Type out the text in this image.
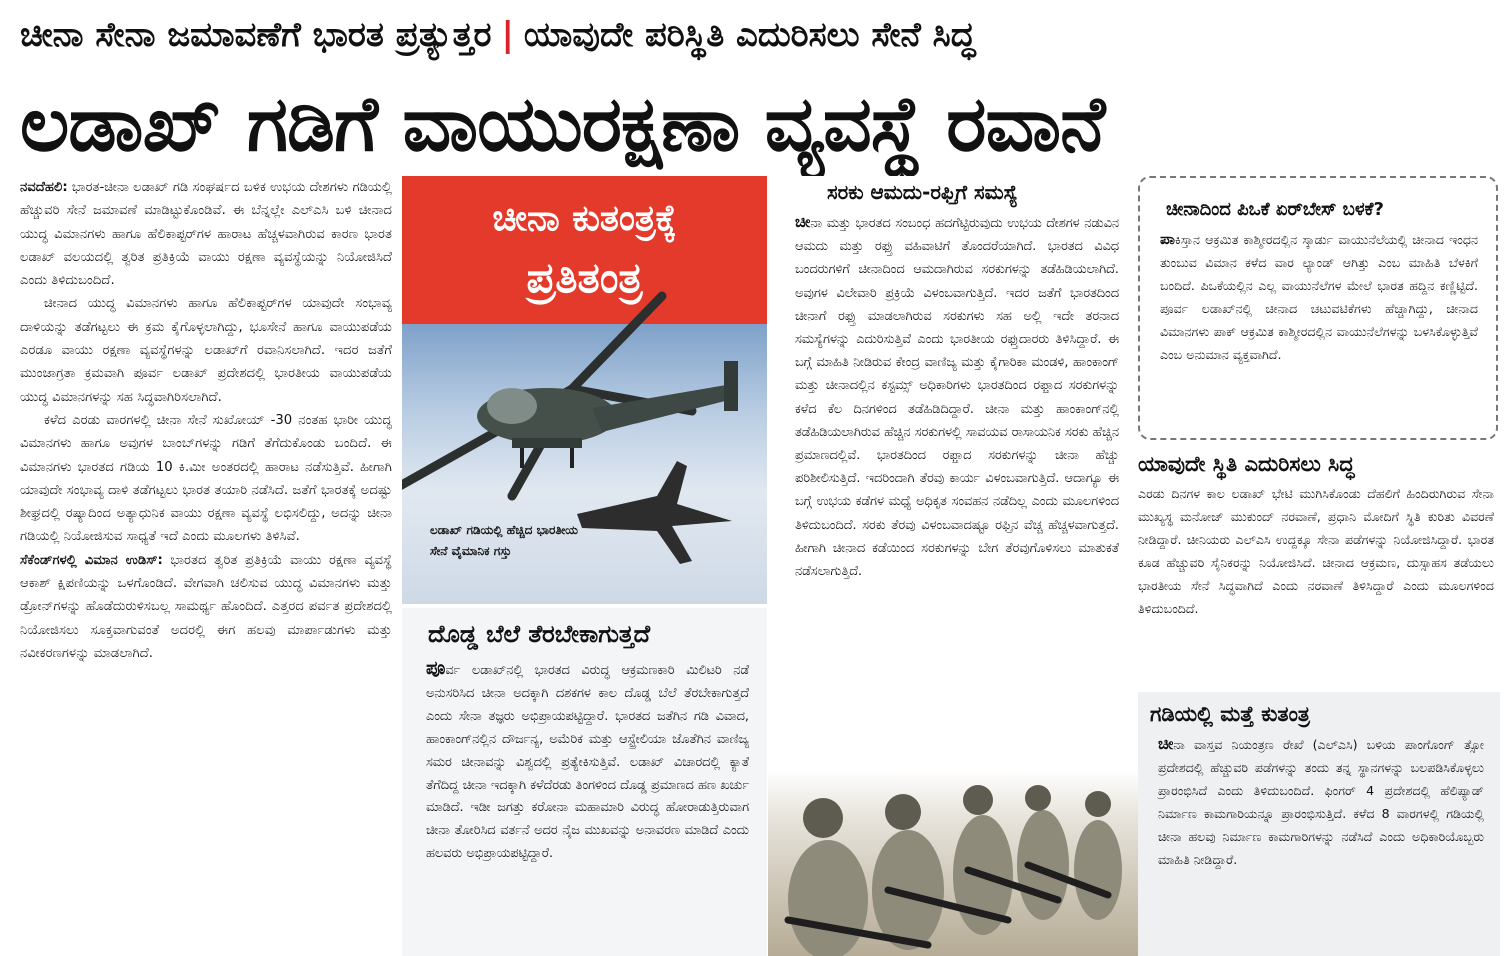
ಚೀನಾ ಸೇನಾ ಜಮಾವಣೆಗೆ ಭಾರತ ಪ್ರತ್ಯುತ್ತರ | ಯಾವುದೇ ಪರಿಸ್ಥಿತಿ ಎದುರಿಸಲು ಸೇನೆ ಸಿದ್ಧ
ಲಡಾಖ್ ಗಡಿಗೆ ವಾಯುರಕ್ಷಣಾ ವ್ಯವಸ್ಥೆ ರವಾನೆ

ನವದೆಹಲಿ: ಭಾರತ-ಚೀನಾ ಲಡಾಖ್ ಗಡಿ ಸಂಘರ್ಷದ ಬಳಿಕ ಉಭಯ ದೇಶಗಳು ಗಡಿಯಲ್ಲಿ ಹೆಚ್ಚುವರಿ ಸೇನೆ ಜಮಾವಣೆ ಮಾಡಿಟ್ಟುಕೊಂಡಿವೆ. ಈ ಬೆನ್ನಲ್ಲೇ ಎಲ್‌ಎಸಿ ಬಳಿ ಚೀನಾದ ಯುದ್ಧ ವಿಮಾನಗಳು ಹಾಗೂ ಹೆಲಿಕಾಪ್ಟರ್‌ಗಳ ಹಾರಾಟ ಹೆಚ್ಚಳವಾಗಿರುವ ಕಾರಣ ಭಾರತ ಲಡಾಖ್ ವಲಯದಲ್ಲಿ ತ್ವರಿತ ಪ್ರತಿಕ್ರಿಯೆ ವಾಯು ರಕ್ಷಣಾ ವ್ಯವಸ್ಥೆಯನ್ನು ನಿಯೋಜಿಸಿದೆ ಎಂದು ತಿಳಿದುಬಂದಿದೆ.

ಚೀನಾದ ಯುದ್ಧ ವಿಮಾನಗಳು ಹಾಗೂ ಹೆಲಿಕಾಪ್ಟರ್‌ಗಳ ಯಾವುದೇ ಸಂಭಾವ್ಯ ದಾಳಿಯನ್ನು ತಡೆಗಟ್ಟಲು ಈ ಕ್ರಮ ಕೈಗೊಳ್ಳಲಾಗಿದ್ದು, ಭೂಸೇನೆ ಹಾಗೂ ವಾಯುಪಡೆಯ ಎರಡೂ ವಾಯು ರಕ್ಷಣಾ ವ್ಯವಸ್ಥೆಗಳನ್ನು ಲಡಾಖ್‌ಗೆ ರವಾನಿಸಲಾಗಿದೆ. ಇದರ ಜತೆಗೆ ಮುಂಜಾಗ್ರತಾ ಕ್ರಮವಾಗಿ ಪೂರ್ವ ಲಡಾಖ್ ಪ್ರದೇಶದಲ್ಲಿ ಭಾರತೀಯ ವಾಯುಪಡೆಯ ಯುದ್ಧ ವಿಮಾನಗಳನ್ನು ಸಹ ಸಿದ್ಧವಾಗಿರಿಸಲಾಗಿದೆ.

ಕಳೆದ ಎರಡು ವಾರಗಳಲ್ಲಿ ಚೀನಾ ಸೇನೆ ಸುಖೋಯ್ -30 ನಂತಹ ಭಾರೀ ಯುದ್ಧ ವಿಮಾನಗಳು ಹಾಗೂ ಅವುಗಳ ಬಾಂಬ್‌ಗಳನ್ನು ಗಡಿಗೆ ತೆಗೆದುಕೊಂಡು ಬಂದಿದೆ. ಈ ವಿಮಾನಗಳು ಭಾರತದ ಗಡಿಯ 10 ಕಿ.ಮೀ ಅಂತರದಲ್ಲಿ ಹಾರಾಟ ನಡೆಸುತ್ತಿವೆ. ಹೀಗಾಗಿ ಯಾವುದೇ ಸಂಭಾವ್ಯ ದಾಳಿ ತಡೆಗಟ್ಟಲು ಭಾರತ ತಯಾರಿ ನಡೆಸಿದೆ. ಜತೆಗೆ ಭಾರತಕ್ಕೆ ಅದಷ್ಟು ಶೀಘ್ರದಲ್ಲಿ ರಷ್ಯಾದಿಂದ ಅತ್ಯಾಧುನಿಕ ವಾಯು ರಕ್ಷಣಾ ವ್ಯವಸ್ಥೆ ಲಭಿಸಲಿದ್ದು, ಅದನ್ನು ಚೀನಾ ಗಡಿಯಲ್ಲಿ ನಿಯೋಜಿಸುವ ಸಾಧ್ಯತೆ ಇದೆ ಎಂದು ಮೂಲಗಳು ತಿಳಿಸಿವೆ.

ಸೆಕೆಂಡ್‌ಗಳಲ್ಲಿ ವಿಮಾನ ಉಡಿಸ್: ಭಾರತದ ತ್ವರಿತ ಪ್ರತಿಕ್ರಿಯೆ ವಾಯು ರಕ್ಷಣಾ ವ್ಯವಸ್ಥೆ ಆಕಾಶ್ ಕ್ಷಿಪಣಿಯನ್ನು ಒಳಗೊಂಡಿದೆ. ವೇಗವಾಗಿ ಚಲಿಸುವ ಯುದ್ಧ ವಿಮಾನಗಳು ಮತ್ತು ಡ್ರೋನ್‌ಗಳನ್ನು ಹೊಡೆದುರುಳಿಸಬಲ್ಲ ಸಾಮರ್ಥ್ಯ ಹೊಂದಿದೆ. ಎತ್ತರದ ಪರ್ವತ ಪ್ರದೇಶದಲ್ಲಿ ನಿಯೋಜಿಸಲು ಸೂಕ್ತವಾಗುವಂತೆ ಅದರಲ್ಲಿ ಈಗ ಹಲವು ಮಾರ್ಪಾಡುಗಳು ಮತ್ತು ನವೀಕರಣಗಳನ್ನು ಮಾಡಲಾಗಿದೆ.

ಚೀನಾ ಕುತಂತ್ರಕ್ಕೆ
ಪ್ರತಿತಂತ್ರ
ಲಡಾಖ್ ಗಡಿಯಲ್ಲಿ ಹೆಚ್ಚಿದ ಭಾರತೀಯ ಸೇನೆ ವೈಮಾನಿಕ ಗಸ್ತು
ದೊಡ್ಡ ಬೆಲೆ ತೆರಬೇಕಾಗುತ್ತದೆ
ಪೂರ್ವ ಲಡಾಖ್‌ನಲ್ಲಿ ಭಾರತದ ವಿರುದ್ಧ ಆಕ್ರಮಣಕಾರಿ ಮಿಲಿಟರಿ ನಡೆ ಅನುಸರಿಸಿದ ಚೀನಾ ಅದಕ್ಕಾಗಿ ದಶಕಗಳ ಕಾಲ ದೊಡ್ಡ ಬೆಲೆ ತೆರಬೇಕಾಗುತ್ತದೆ ಎಂದು ಸೇನಾ ತಜ್ಞರು ಅಭಿಪ್ರಾಯಪಟ್ಟಿದ್ದಾರೆ. ಭಾರತದ ಜತೆಗಿನ ಗಡಿ ವಿವಾದ, ಹಾಂಕಾಂಗ್‌ನಲ್ಲಿನ ದೌರ್ಜನ್ಯ, ಅಮೆರಿಕ ಮತ್ತು ಆಸ್ಟ್ರೇಲಿಯಾ ಜೊತೆಗಿನ ವಾಣಿಜ್ಯ ಸಮರ ಚೀನಾವನ್ನು ವಿಶ್ವದಲ್ಲಿ ಪ್ರತ್ಯೇಕಿಸುತ್ತಿವೆ. ಲಡಾಖ್ ವಿಚಾರದಲ್ಲಿ ಕ್ಯಾತೆ ತೆಗೆದಿದ್ದ ಚೀನಾ ಇದಕ್ಕಾಗಿ ಕಳೆದೆರಡು ತಿಂಗಳಿಂದ ದೊಡ್ಡ ಪ್ರಮಾಣದ ಹಣ ಖರ್ಚು ಮಾಡಿದೆ. ಇಡೀ ಜಗತ್ತು ಕರೋನಾ ಮಹಾಮಾರಿ ವಿರುದ್ಧ ಹೋರಾಡುತ್ತಿರುವಾಗ ಚೀನಾ ತೋರಿಸಿದ ವರ್ತನೆ ಅದರ ನೈಜ ಮುಖವನ್ನು ಅನಾವರಣ ಮಾಡಿದೆ ಎಂದು ಹಲವರು ಅಭಿಪ್ರಾಯಪಟ್ಟಿದ್ದಾರೆ.
ಸರಕು ಆಮದು-ರಫ್ತಿಗೆ ಸಮಸ್ಯೆ
ಚೀನಾ ಮತ್ತು ಭಾರತದ ಸಂಬಂಧ ಹದಗೆಟ್ಟಿರುವುದು ಉಭಯ ದೇಶಗಳ ನಡುವಿನ ಆಮದು ಮತ್ತು ರಫ್ತು ವಹಿವಾಟಿಗೆ ತೊಂದರೆಯಾಗಿದೆ. ಭಾರತದ ವಿವಿಧ ಬಂದರುಗಳಿಗೆ ಚೀನಾದಿಂದ ಆಮದಾಗಿರುವ ಸರಕುಗಳನ್ನು ತಡೆಹಿಡಿಯಲಾಗಿದೆ. ಅವುಗಳ ವಿಲೇವಾರಿ ಪ್ರಕ್ರಿಯೆ ವಿಳಂಬವಾಗುತ್ತಿದೆ. ಇದರ ಜತೆಗೆ ಭಾರತದಿಂದ ಚೀನಾಗೆ ರಫ್ತು ಮಾಡಲಾಗಿರುವ ಸರಕುಗಳು ಸಹ ಅಲ್ಲಿ ಇದೇ ತರನಾದ ಸಮಸ್ಯೆಗಳನ್ನು ಎದುರಿಸುತ್ತಿವೆ ಎಂದು ಭಾರತೀಯ ರಫ್ತುದಾರರು ತಿಳಿಸಿದ್ದಾರೆ. ಈ ಬಗ್ಗೆ ಮಾಹಿತಿ ನೀಡಿರುವ ಕೇಂದ್ರ ವಾಣಿಜ್ಯ ಮತ್ತು ಕೈಗಾರಿಕಾ ಮಂಡಳಿ, ಹಾಂಕಾಂಗ್ ಮತ್ತು ಚೀನಾದಲ್ಲಿನ ಕಸ್ಟಮ್ಸ್ ಅಧಿಕಾರಿಗಳು ಭಾರತದಿಂದ ರಫ್ತಾದ ಸರಕುಗಳನ್ನು ಕಳೆದ ಕೆಲ ದಿನಗಳಿಂದ ತಡೆಹಿಡಿದಿದ್ದಾರೆ. ಚೀನಾ ಮತ್ತು ಹಾಂಕಾಂಗ್‌ನಲ್ಲಿ ತಡೆಹಿಡಿಯಲಾಗಿರುವ ಹೆಚ್ಚಿನ ಸರಕುಗಳಲ್ಲಿ ಸಾವಯವ ರಾಸಾಯನಿಕ ಸರಕು ಹೆಚ್ಚಿನ ಪ್ರಮಾಣದಲ್ಲಿವೆ. ಭಾರತದಿಂದ ರಫ್ತಾದ ಸರಕುಗಳನ್ನು ಚೀನಾ ಹೆಚ್ಚು ಪರಿಶೀಲಿಸುತ್ತಿದೆ. ಇದರಿಂದಾಗಿ ತೆರವು ಕಾರ್ಯ ವಿಳಂಬವಾಗುತ್ತಿದೆ. ಆದಾಗ್ಯೂ ಈ ಬಗ್ಗೆ ಉಭಯ ಕಡೆಗಳ ಮಧ್ಯೆ ಅಧಿಕೃತ ಸಂವಹನ ನಡೆದಿಲ್ಲ ಎಂದು ಮೂಲಗಳಿಂದ ತಿಳಿದುಬಂದಿದೆ. ಸರಕು ತೆರವು ವಿಳಂಬವಾದಷ್ಟೂ ರಫ್ತಿನ ವೆಚ್ಚ ಹೆಚ್ಚಳವಾಗುತ್ತದೆ. ಹೀಗಾಗಿ ಚೀನಾದ ಕಡೆಯಿಂದ ಸರಕುಗಳನ್ನು ಬೇಗ ತೆರವುಗೊಳಿಸಲು ಮಾತುಕತೆ ನಡೆಸಲಾಗುತ್ತಿದೆ.
ಚೀನಾದಿಂದ ಪಿಒಕೆ ಏರ್‌ಬೇಸ್ ಬಳಕೆ?
ಪಾಕಿಸ್ತಾನ ಆಕ್ರಮಿತ ಕಾಶ್ಮೀರದಲ್ಲಿನ ಸ್ಕಾರ್ಡು ವಾಯುನೆಲೆಯಲ್ಲಿ ಚೀನಾದ ಇಂಧನ ತುಂಬುವ ವಿಮಾನ ಕಳೆದ ವಾರ ಲ್ಯಾಂಡ್ ಆಗಿತ್ತು ಎಂಬ ಮಾಹಿತಿ ಬೆಳಕಿಗೆ ಬಂದಿದೆ. ಪಿಒಕೆಯಲ್ಲಿನ ಎಲ್ಲ ವಾಯುನೆಲೆಗಳ ಮೇಲೆ ಭಾರತ ಹದ್ದಿನ ಕಣ್ಣಿಟ್ಟಿದೆ. ಪೂರ್ವ ಲಡಾಖ್‌ನಲ್ಲಿ ಚೀನಾದ ಚಟುವಟಿಕೆಗಳು ಹೆಚ್ಚಾಗಿದ್ದು, ಚೀನಾದ ವಿಮಾನಗಳು ಪಾಕ್ ಆಕ್ರಮಿತ ಕಾಶ್ಮೀರದಲ್ಲಿನ ವಾಯುನೆಲೆಗಳನ್ನು ಬಳಸಿಕೊಳ್ಳುತ್ತಿವೆ ಎಂಬ ಅನುಮಾನ ವ್ಯಕ್ತವಾಗಿದೆ.
ಯಾವುದೇ ಸ್ಥಿತಿ ಎದುರಿಸಲು ಸಿದ್ಧ
ಎರಡು ದಿನಗಳ ಕಾಲ ಲಡಾಖ್ ಭೇಟಿ ಮುಗಿಸಿಕೊಂಡು ದೆಹಲಿಗೆ ಹಿಂದಿರುಗಿರುವ ಸೇನಾ ಮುಖ್ಯಸ್ಥ ಮನೋಜ್ ಮುಕುಂದ್ ನರವಾಣೆ, ಪ್ರಧಾನಿ ಮೋದಿಗೆ ಸ್ಥಿತಿ ಕುರಿತು ವಿವರಣೆ ನೀಡಿದ್ದಾರೆ. ಚೀನಿಯರು ಎಲ್‌ಎಸಿ ಉದ್ದಕ್ಕೂ ಸೇನಾ ಪಡೆಗಳನ್ನು ನಿಯೋಜಿಸಿದ್ದಾರೆ. ಭಾರತ ಕೂಡ ಹೆಚ್ಚುವರಿ ಸೈನಿಕರನ್ನು ನಿಯೋಜಿಸಿದೆ. ಚೀನಾದ ಆಕ್ರಮಣ, ದುಸ್ಸಾಹಸ ತಡೆಯಲು ಭಾರತೀಯ ಸೇನೆ ಸಿದ್ಧವಾಗಿದೆ ಎಂದು ನರವಾಣೆ ತಿಳಿಸಿದ್ದಾರೆ ಎಂದು ಮೂಲಗಳಿಂದ ತಿಳಿದುಬಂದಿದೆ.
ಗಡಿಯಲ್ಲಿ ಮತ್ತೆ ಕುತಂತ್ರ
ಚೀನಾ ವಾಸ್ತವ ನಿಯಂತ್ರಣ ರೇಖೆ (ಎಲ್‌ಎಸಿ) ಬಳಿಯ ಪಾಂಗೊಂಗ್ ತ್ಸೋ ಪ್ರದೇಶದಲ್ಲಿ ಹೆಚ್ಚುವರಿ ಪಡೆಗಳನ್ನು ತಂದು ತನ್ನ ಸ್ಥಾನಗಳನ್ನು ಬಲಪಡಿಸಿಕೊಳ್ಳಲು ಪ್ರಾರಂಭಿಸಿದೆ ಎಂದು ತಿಳಿದುಬಂದಿದೆ. ಫಿಂಗರ್ 4 ಪ್ರದೇಶದಲ್ಲಿ ಹೆಲಿಪ್ಯಾಡ್ ನಿರ್ಮಾಣ ಕಾಮಗಾರಿಯನ್ನೂ ಪ್ರಾರಂಭಿಸುತ್ತಿದೆ. ಕಳೆದ 8 ವಾರಗಳಲ್ಲಿ ಗಡಿಯಲ್ಲಿ ಚೀನಾ ಹಲವು ನಿರ್ಮಾಣ ಕಾಮಗಾರಿಗಳನ್ನು ನಡೆಸಿದೆ ಎಂದು ಅಧಿಕಾರಿಯೊಬ್ಬರು ಮಾಹಿತಿ ನೀಡಿದ್ದಾರೆ.
